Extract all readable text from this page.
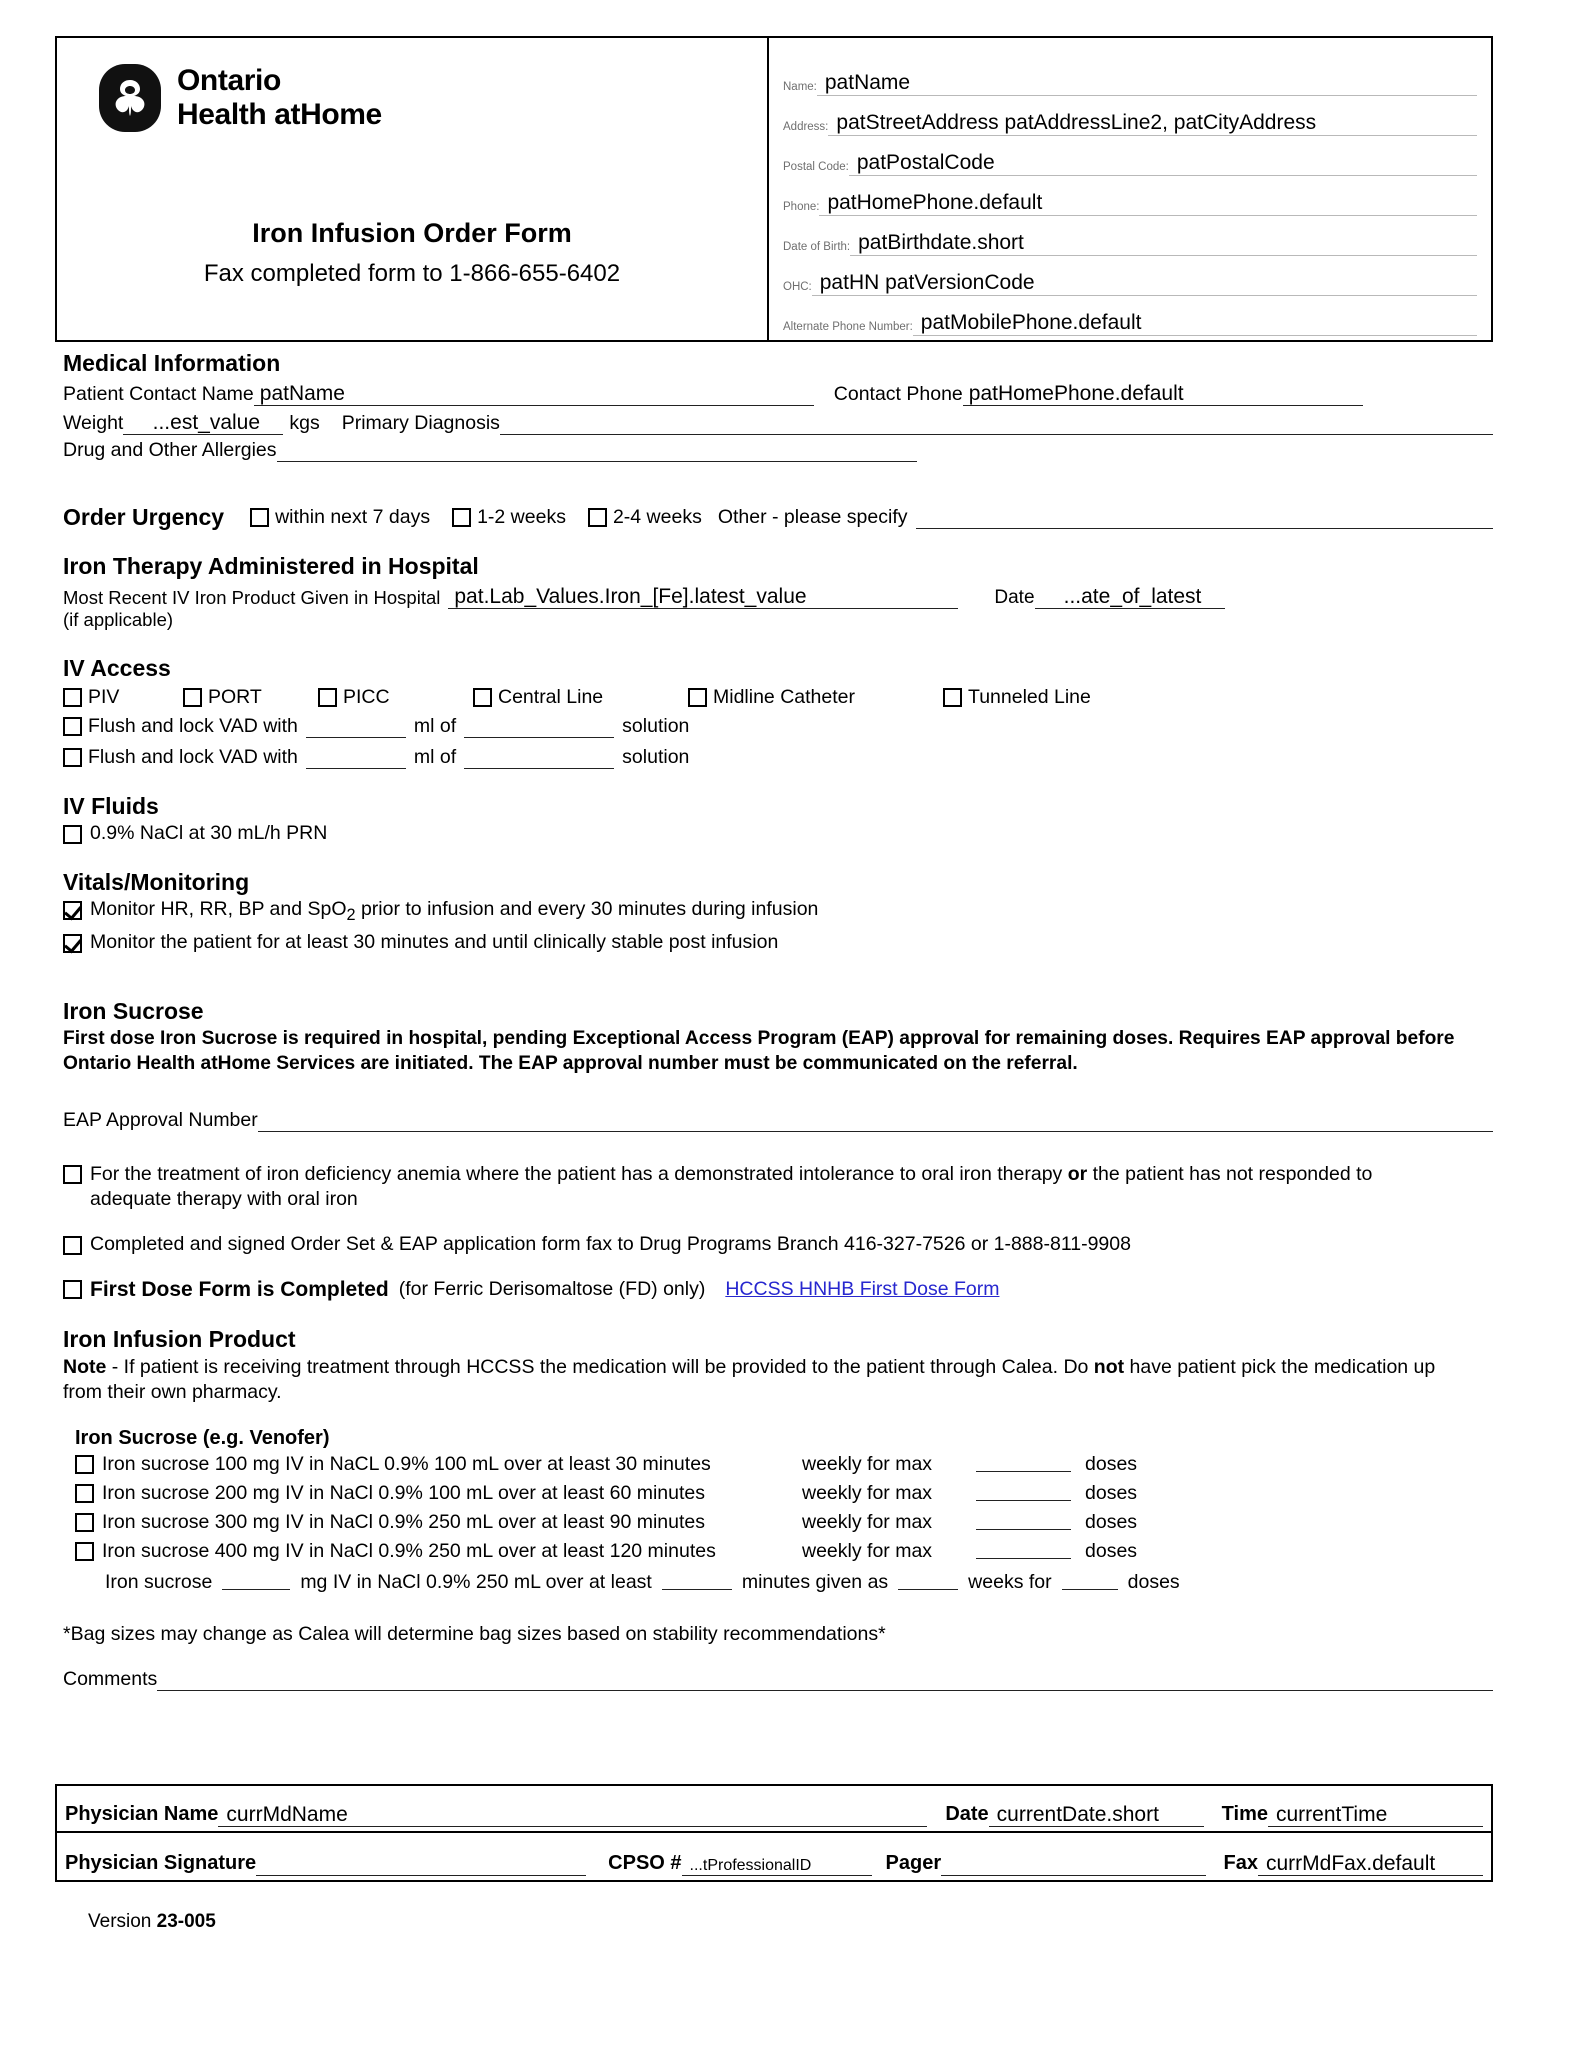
Ontario
Health atHome
Iron Infusion Order Form
Fax completed form to 1-866-655-6402
Name: patName
Address: patStreetAddress patAddressLine2, patCityAddress
Postal Code: patPostalCode
Phone: patHomePhone.default
Date of Birth: patBirthdate.short
OHC: patHN patVersionCode
Alternate Phone Number: patMobilePhone.default
Medical Information
Patient Contact Name patName	Contact Phone patHomePhone.default
Weight	...est_value	kgs Primary Diagnosis
Drug and Other Allergies
Order Urgency	within next 7 days 1-2 weeks 2-4 weeks Other - please specify
Iron Therapy Administered in Hospital
Most Recent IV Iron Product Given in Hospital pat.Lab_Values.Iron_[Fe].latest_value	Date	...ate_of_latest
(if applicable)
IV Access
PIV	PORT	PICC	Central Line	Midline Catheter	Tunneled Line
Flush and lock VAD with	ml of	solution
Flush and lock VAD with	ml of	solution
IV Fluids
0.9% NaCl at 30 mL/h PRN
Vitals/Monitoring
Monitor HR, RR, BP and SpO$_2$ prior to infusion and every 30 minutes during infusion
Monitor the patient for at least 30 minutes and until clinically stable post infusion
Iron Sucrose

First dose Iron Sucrose is required in hospital, pending Exceptional Access Program (EAP) approval for remaining doses. Requires EAP approval before Ontario Health atHome Services are initiated. The EAP approval number must be communicated on the referral.

EAP Approval Number
For the treatment of iron deficiency anemia where the patient has a demonstrated intolerance to oral iron therapy or the patient has not responded to adequate therapy with oral iron
Completed and signed Order Set & EAP application form fax to Drug Programs Branch 416-327-7526 or 1-888-811-9908
First Dose Form is Completed (for Ferric Derisomaltose (FD) only) HCCSS HNHB First Dose Form
Iron Infusion Product

Note - If patient is receiving treatment through HCCSS the medication will be provided to the patient through Calea. Do not have patient pick the medication up from their own pharmacy.

Iron Sucrose (e.g. Venofer)
Iron sucrose 100 mg IV in NaCL 0.9% 100 mL over at least 30 minutes	weekly for max	doses
Iron sucrose 200 mg IV in NaCl 0.9% 100 mL over at least 60 minutes	weekly for max	doses
Iron sucrose 300 mg IV in NaCl 0.9% 250 mL over at least 90 minutes	weekly for max	doses
Iron sucrose 400 mg IV in NaCl 0.9% 250 mL over at least 120 minutes	weekly for max	doses
Iron sucrose	mg IV in NaCl 0.9% 250 mL over at least	minutes given as	weeks for	doses
*Bag sizes may change as Calea will determine bag sizes based on stability recommendations*
Comments
Physician Name currMdName	Date currentDate.short	Time currentTime
Physician Signature	CPSO # ...tProfessionalID	Pager	Fax currMdFax.default
Version 23-005
